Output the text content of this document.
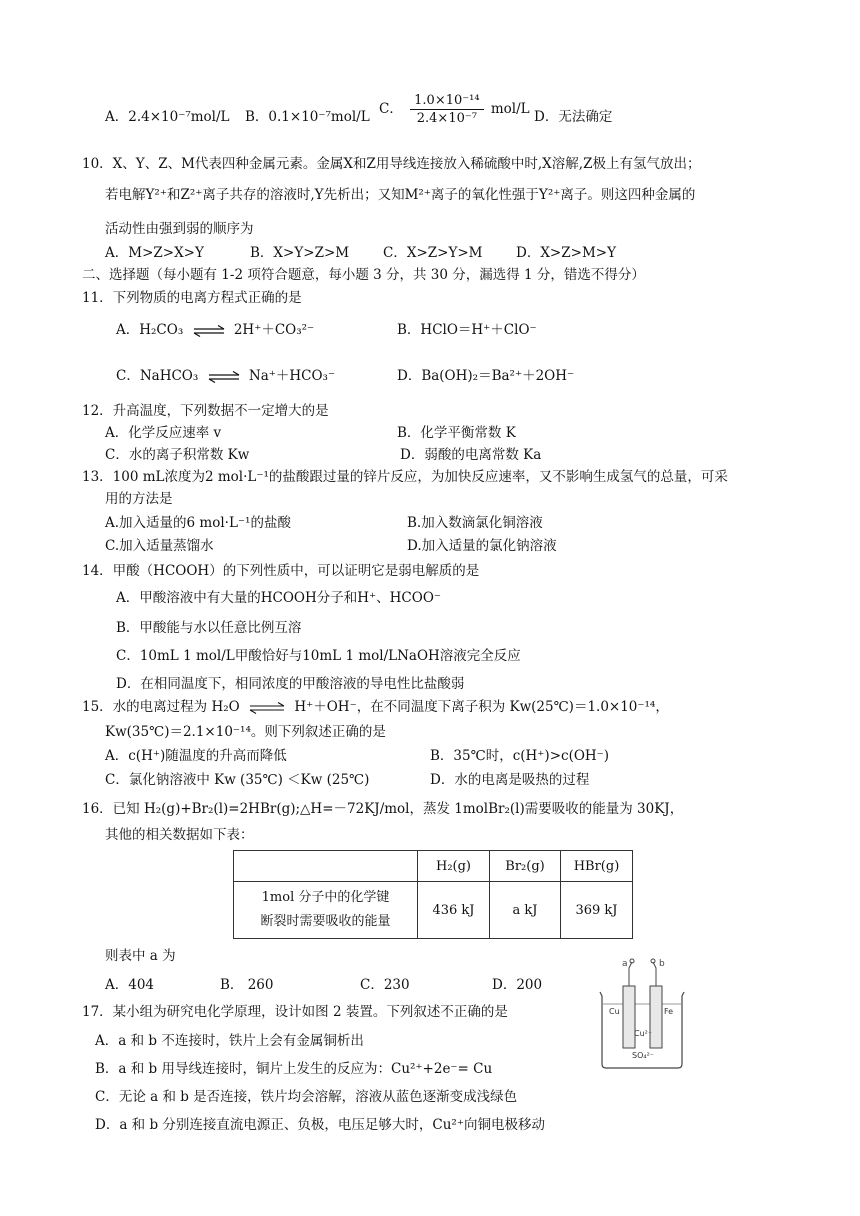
A．2.4×10⁻⁷mol/L B．0.1×10⁻⁷mol/L C． $\frac{\text{1.0×10⁻¹⁴}}{\text{2.4×10⁻⁷}} mol/L$ D．无法确定
10．X、Y、Z、M代表四种金属元素。金属X和Z用导线连接放入稀硫酸中时,X溶解,Z极上有氢气放出；
若电解Y²⁺和Z²⁺离子共存的溶液时,Y先析出；又知M²⁺离子的氧化性强于Y²⁺离子。则这四种金属的
活动性由强到弱的顺序为
A．M>Z>X>Y	B．X>Y>Z>M	C．X>Z>Y>M D．X>Z>M>Y
二、选择题（每小题有 1-2 项符合题意，每小题 3 分，共 30 分，漏选得 1 分，错选不得分）
11．下列物质的电离方程式正确的是
A．H₂CO₃ ⇌ 2H⁺＋CO₃²⁻	B．HClO＝H⁺＋ClO⁻
C．NaHCO₃ ⇌ Na⁺＋HCO₃⁻	D．Ba(OH)₂＝Ba²⁺＋2OH⁻
12．升高温度，下列数据不一定增大的是
A．化学反应速率 v	B．化学平衡常数 K
C．水的离子积常数 Kw	D．弱酸的电离常数 Ka
13．100 mL浓度为2 mol·L⁻¹的盐酸跟过量的锌片反应，为加快反应速率，又不影响生成氢气的总量，可采
用的方法是
A.加入适量的6 mol·L⁻¹的盐酸	B.加入数滴氯化铜溶液
C.加入适量蒸馏水	D.加入适量的氯化钠溶液
14．甲酸（HCOOH）的下列性质中，可以证明它是弱电解质的是
A．甲酸溶液中有大量的HCOOH分子和H⁺、HCOO⁻
B．甲酸能与水以任意比例互溶
C．10mL 1 mol/L甲酸恰好与10mL 1 mol/LNaOH溶液完全反应
D．在相同温度下，相同浓度的甲酸溶液的导电性比盐酸弱
15．水的电离过程为 H₂O ⇌ H⁺＋OH⁻，在不同温度下离子积为 Kw(25℃)＝1.0×10⁻¹⁴，
Kw(35℃)＝2.1×10⁻¹⁴。则下列叙述正确的是
A．c(H⁺)随温度的升高而降低	B．35℃时，c(H⁺)>c(OH⁻)
C．氯化钠溶液中 Kw (35℃) ＜Kw (25℃)	D．水的电离是吸热的过程
16．已知 H₂(g)+Br₂(l)=2HBr(g);△H=－72KJ/mol，蒸发 1molBr₂(l)需要吸收的能量为 30KJ，
其他的相关数据如下表：
	H₂(g)	Br₂(g)	HBr(g)

1mol 分子中的化学键
断裂时需要吸收的能量	436 kJ	a kJ	369 kJ
则表中 a 为
A．404	B． 260	C．230	D．200
a	b
Cu	Fe
Cu²⁺
SO₄²⁻
17．某小组为研究电化学原理，设计如图 2 装置。下列叙述不正确的是
A．a 和 b 不连接时，铁片上会有金属铜析出
B．a 和 b 用导线连接时，铜片上发生的反应为：Cu²⁺+2e⁻= Cu
C．无论 a 和 b 是否连接，铁片均会溶解，溶液从蓝色逐渐变成浅绿色
D．a 和 b 分别连接直流电源正、负极，电压足够大时，Cu²⁺向铜电极移动
